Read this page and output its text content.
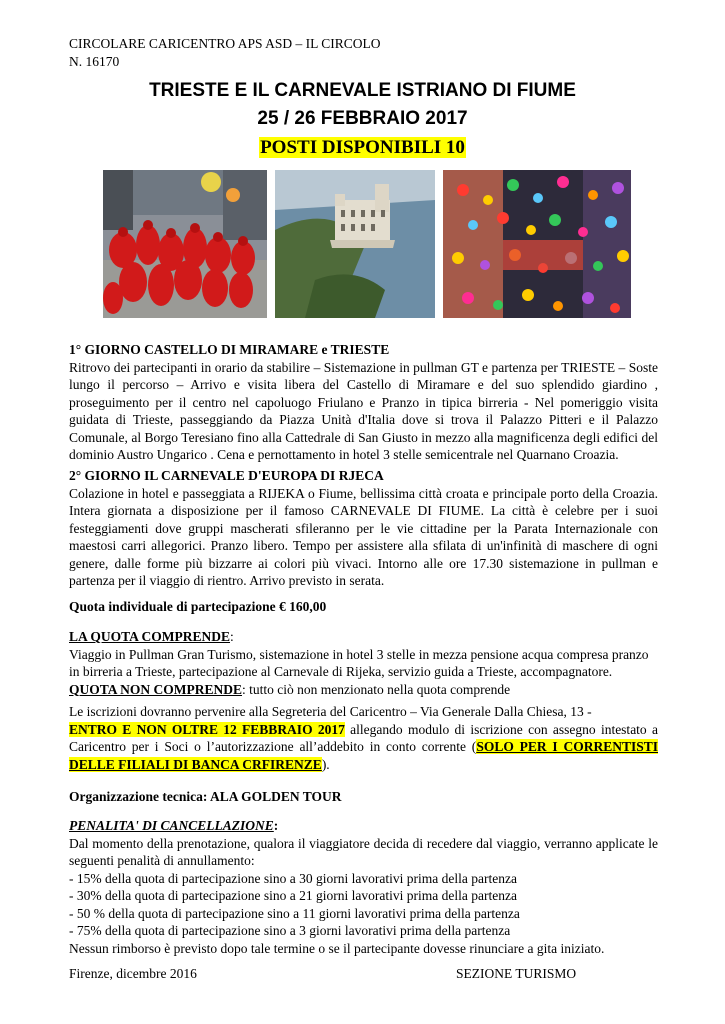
CIRCOLARE CARICENTRO APS ASD – IL CIRCOLO
N. 16170
TRIESTE E IL CARNEVALE ISTRIANO DI FIUME
25 / 26 FEBBRAIO 2017
POSTI DISPONIBILI 10
1° GIORNO CASTELLO DI MIRAMARE e TRIESTE
Ritrovo dei partecipanti in orario da stabilire – Sistemazione in pullman GT e partenza per TRIESTE – Soste lungo il percorso – Arrivo e visita libera del Castello di Miramare e del suo splendido giardino , proseguimento per il centro nel capoluogo Friulano e Pranzo in tipica birreria - Nel pomeriggio visita guidata di Trieste, passeggiando da Piazza Unità d'Italia dove si trova il Palazzo Pitteri e il Palazzo Comunale, al Borgo Teresiano fino alla Cattedrale di San Giusto in mezzo alla magnificenza degli edifici del dominio Austro Ungarico . Cena e pernottamento in hotel 3 stelle semicentrale nel Quarnano Croazia.
2° GIORNO IL CARNEVALE D'EUROPA DI RJECA
Colazione in hotel e passeggiata a RIJEKA o Fiume, bellissima città croata e principale porto della Croazia. Intera giornata a disposizione per il famoso CARNEVALE DI FIUME. La città è celebre per i suoi festeggiamenti dove gruppi mascherati sfileranno per le vie cittadine per la Parata Internazionale con maestosi carri allegorici. Pranzo libero. Tempo per assistere alla sfilata di un'infinità di maschere di ogni genere, dalle forme più bizzarre ai colori più vivaci. Intorno alle ore 17.30 sistemazione in pullman e partenza per il viaggio di rientro. Arrivo previsto in serata.
Quota individuale di partecipazione € 160,00
LA QUOTA COMPRENDE:
Viaggio in Pullman Gran Turismo, sistemazione in hotel 3 stelle in mezza pensione acqua compresa pranzo in birreria a Trieste, partecipazione al Carnevale di Rijeka, servizio guida a Trieste, accompagnatore.
QUOTA NON COMPRENDE: tutto ciò non menzionato nella quota comprende
Le iscrizioni dovranno pervenire alla Segreteria del Caricentro – Via Generale Dalla Chiesa, 13 -
ENTRO E NON OLTRE 12 FEBBRAIO 2017 allegando modulo di iscrizione con assegno intestato a Caricentro per i Soci o l’autorizzazione all’addebito in conto corrente (SOLO PER I CORRENTISTI DELLE FILIALI DI BANCA CRFIRENZE).
Organizzazione tecnica: ALA GOLDEN TOUR
PENALITA' DI CANCELLAZIONE:
Dal momento della prenotazione, qualora il viaggiatore decida di recedere dal viaggio, verranno applicate le seguenti penalità di annullamento:
- 15% della quota di partecipazione sino a 30 giorni lavorativi prima della partenza
- 30% della quota di partecipazione sino a 21 giorni lavorativi prima della partenza
- 50 % della quota di partecipazione sino a 11 giorni lavorativi prima della partenza
- 75% della quota di partecipazione sino a 3 giorni lavorativi prima della partenza
Nessun rimborso è previsto dopo tale termine o se il partecipante dovesse rinunciare a gita iniziato.
Firenze, dicembre 2016	SEZIONE TURISMO
